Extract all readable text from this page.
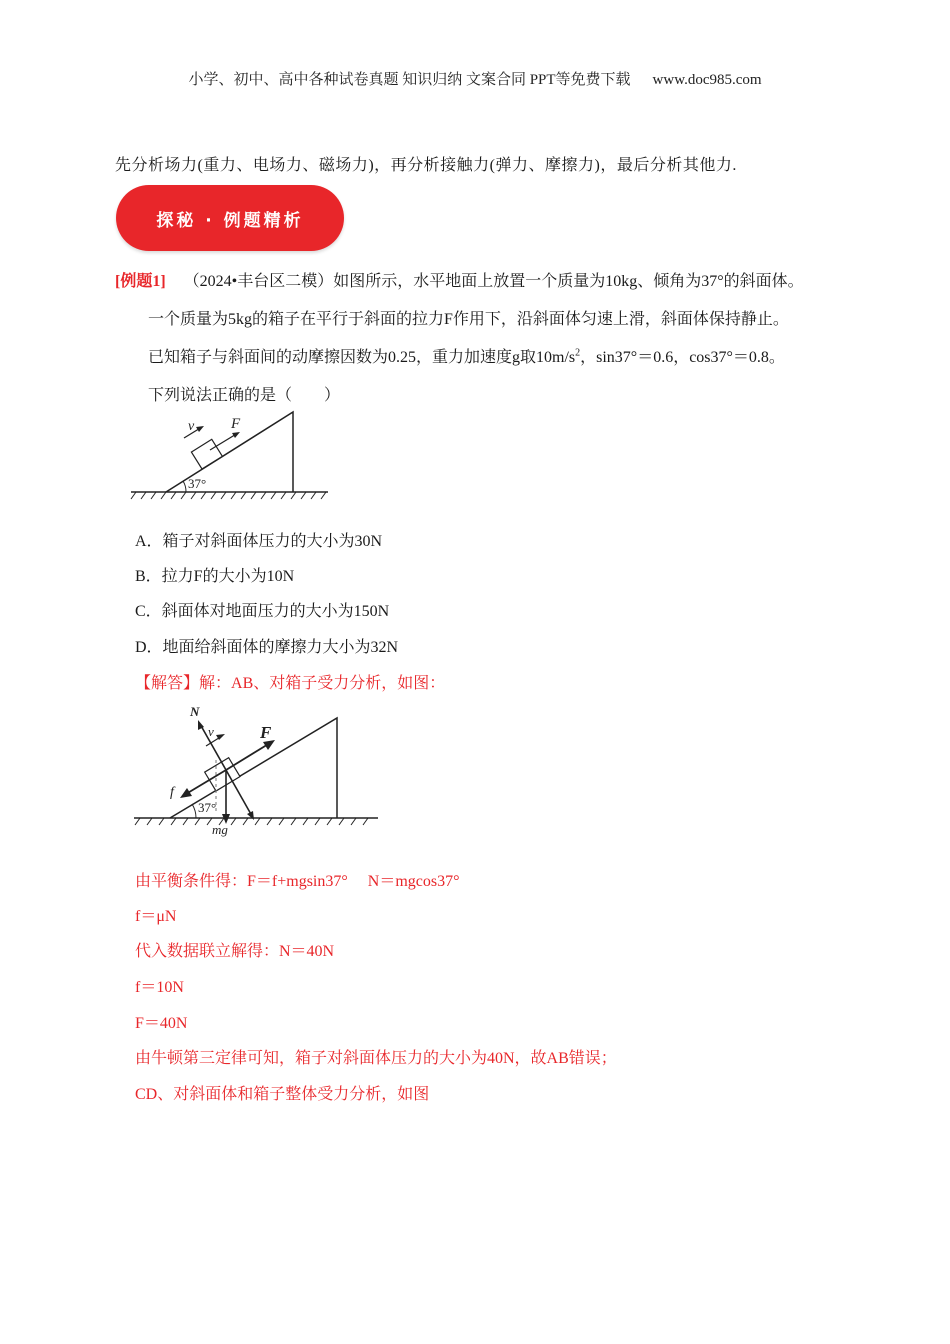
小学、初中、高中各种试卷真题 知识归纳 文案合同 PPT等免费下载 www.doc985.com
先分析场力(重力、电场力、磁场力)，再分析接触力(弹力、摩擦力)，最后分析其他力.
探秘 · 例题精析
[例题1] （2024•丰台区二模）如图所示，水平地面上放置一个质量为10kg、倾角为37°的斜面体。
一个质量为5kg的箱子在平行于斜面的拉力F作用下，沿斜面体匀速上滑，斜面体保持静止。
已知箱子与斜面间的动摩擦因数为0.25，重力加速度g取$10m/s^2$，sin37°＝0.6，cos37°＝0.8。
下列说法正确的是（　　）
v F
37°
A．箱子对斜面体压力的大小为30N
B．拉力F的大小为10N
C．斜面体对地面压力的大小为150N
D．地面给斜面体的摩擦力大小为32N
【解答】解：AB、对箱子受力分析，如图：
N
v	F
f
37°
mg
由平衡条件得：F＝f+mgsin37°　 N＝mgcos37°
f＝μN
代入数据联立解得：N＝40N
f＝10N
F＝40N
由牛顿第三定律可知，箱子对斜面体压力的大小为40N，故AB错误；
CD、对斜面体和箱子整体受力分析，如图
